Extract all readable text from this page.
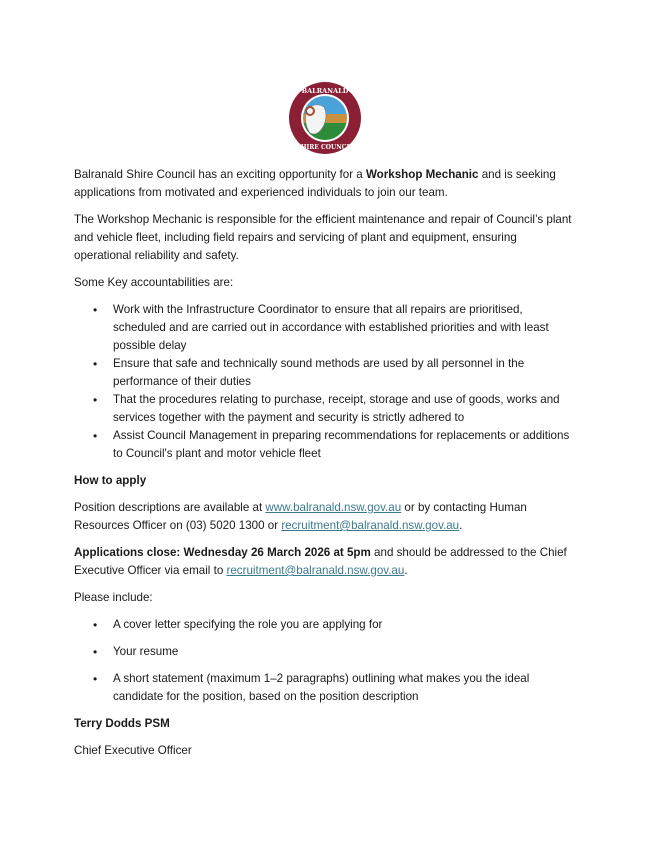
BALRANALD
SHIRE COUNCIL

Balranald Shire Council has an exciting opportunity for a Workshop Mechanic and is seeking applications from motivated and experienced individuals to join our team.

The Workshop Mechanic is responsible for the efficient maintenance and repair of Council’s plant and vehicle fleet, including field repairs and servicing of plant and equipment, ensuring operational reliability and safety.

Some Key accountabilities are:

• Work with the Infrastructure Coordinator to ensure that all repairs are prioritised, scheduled and are carried out in accordance with established priorities and with least possible delay
• Ensure that safe and technically sound methods are used by all personnel in the performance of their duties
• That the procedures relating to purchase, receipt, storage and use of goods, works and services together with the payment and security is strictly adhered to
• Assist Council Management in preparing recommendations for replacements or additions to Council's plant and motor vehicle fleet

How to apply

Position descriptions are available at www.balranald.nsw.gov.au or by contacting Human Resources Officer on (03) 5020 1300 or recruitment@balranald.nsw.gov.au.

Applications close: Wednesday 26 March 2026 at 5pm and should be addressed to the Chief Executive Officer via email to recruitment@balranald.nsw.gov.au.

Please include:

• A cover letter specifying the role you are applying for
• Your resume
• A short statement (maximum 1–2 paragraphs) outlining what makes you the ideal candidate for the position, based on the position description

Terry Dodds PSM

Chief Executive Officer
